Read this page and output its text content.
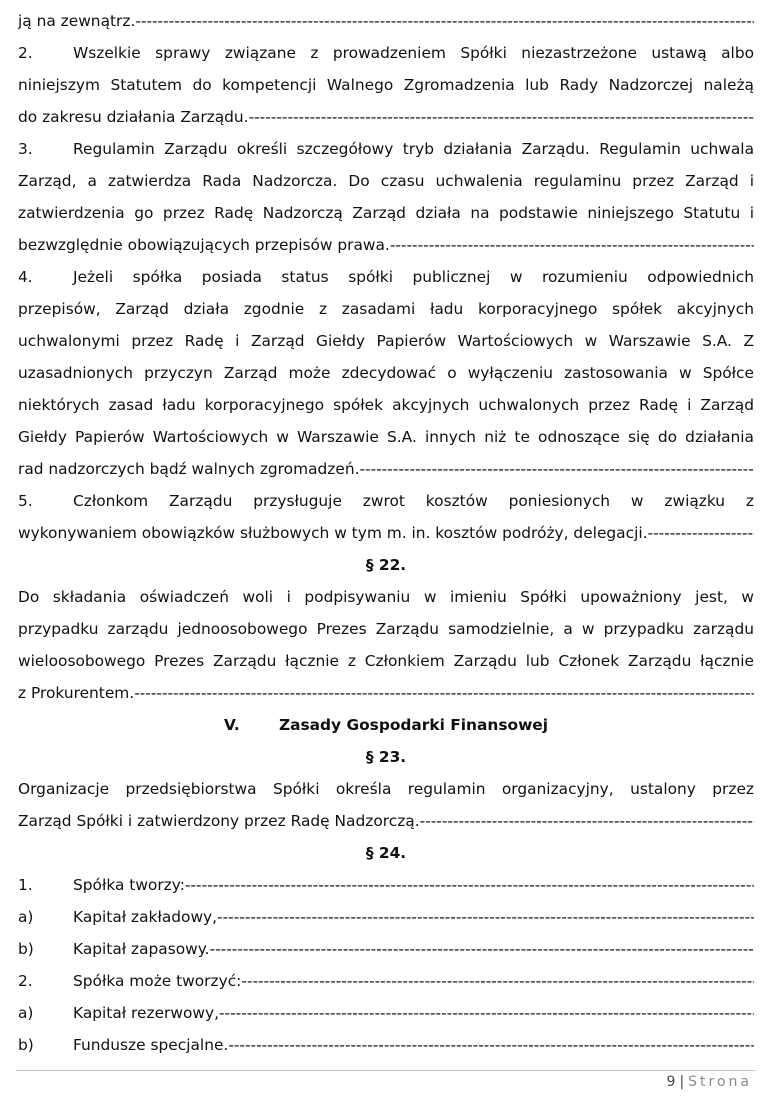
ją na zewnątrz. -----
2.	Wszelkie sprawy związane z prowadzeniem Spółki niezastrzeżone ustawą albo
niniejszym Statutem do kompetencji Walnego Zgromadzenia lub Rady Nadzorczej należą
do zakresu działania Zarządu. -----
3.	Regulamin Zarządu określi szczegółowy tryb działania Zarządu. Regulamin uchwala
Zarząd, a zatwierdza Rada Nadzorcza. Do czasu uchwalenia regulaminu przez Zarząd i
zatwierdzenia go przez Radę Nadzorczą Zarząd działa na podstawie niniejszego Statutu i
bezwzględnie obowiązujących przepisów prawa. -----
4.	Jeżeli spółka posiada status spółki publicznej w rozumieniu odpowiednich
przepisów, Zarząd działa zgodnie z zasadami ładu korporacyjnego spółek akcyjnych
uchwalonymi przez Radę i Zarząd Giełdy Papierów Wartościowych w Warszawie S.A. Z
uzasadnionych przyczyn Zarząd może zdecydować o wyłączeniu zastosowania w Spółce
niektórych zasad ładu korporacyjnego spółek akcyjnych uchwalonych przez Radę i Zarząd
Giełdy Papierów Wartościowych w Warszawie S.A. innych niż te odnoszące się do działania
rad nadzorczych bądź walnych zgromadzeń. -----
5.	Członkom Zarządu przysługuje zwrot kosztów poniesionych w związku z
wykonywaniem obowiązków służbowych w tym m. in. kosztów podróży, delegacji. -----
§ 22.
Do składania oświadczeń woli i podpisywaniu w imieniu Spółki upoważniony jest, w
przypadku zarządu jednoosobowego Prezes Zarządu samodzielnie, a w przypadku zarządu
wieloosobowego Prezes Zarządu łącznie z Członkiem Zarządu lub Członek Zarządu łącznie
z Prokurentem. -----
V.	Zasady Gospodarki Finansowej
§ 23.
Organizacje przedsiębiorstwa Spółki określa regulamin organizacyjny, ustalony przez
Zarząd Spółki i zatwierdzony przez Radę Nadzorczą. -----
§ 24.
1.	Spółka tworzy: -----
a)	Kapitał zakładowy, -----
b)	Kapitał zapasowy. -----
2.	Spółka może tworzyć: -----
a)	Kapitał rezerwowy, -----
b)	Fundusze specjalne. -----
9 | Strona
